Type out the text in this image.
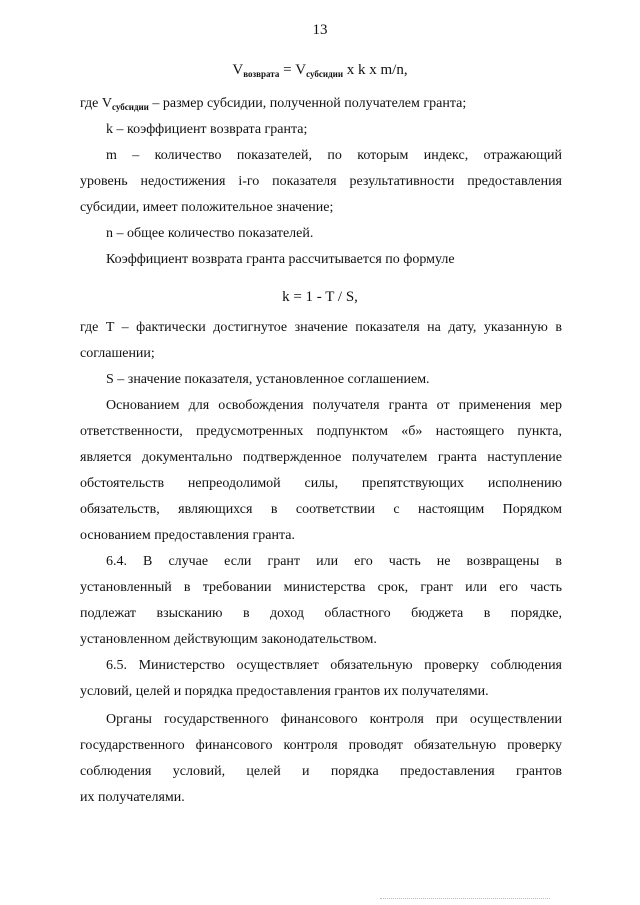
13
$V_{возврата} = V_{субсидии}$ x k x m/n,
где $V_{субсидии}$ – размер субсидии, полученной получателем гранта;
k – коэффициент возврата гранта;
m – количество показателей, по которым индекс, отражающий
уровень недостижения i-го показателя результативности предоставления
субсидии, имеет положительное значение;
n – общее количество показателей.
Коэффициент возврата гранта рассчитывается по формуле
k = 1 - T / S,
где T – фактически достигнутое значение показателя на дату, указанную в
соглашении;
S – значение показателя, установленное соглашением.
Основанием для освобождения получателя гранта от применения мер
ответственности, предусмотренных подпунктом «б» настоящего пункта,
является документально подтвержденное получателем гранта наступление
обстоятельств непреодолимой силы, препятствующих исполнению
обязательств, являющихся в соответствии с настоящим Порядком
основанием предоставления гранта.
6.4. В случае если грант или его часть не возвращены в
установленный в требовании министерства срок, грант или его часть
подлежат взысканию в доход областного бюджета в порядке,
установленном действующим законодательством.
6.5. Министерство осуществляет обязательную проверку соблюдения
условий, целей и порядка предоставления грантов их получателями.
Органы государственного финансового контроля при осуществлении
государственного финансового контроля проводят обязательную проверку
соблюдения условий, целей и порядка предоставления грантов
их получателями.
